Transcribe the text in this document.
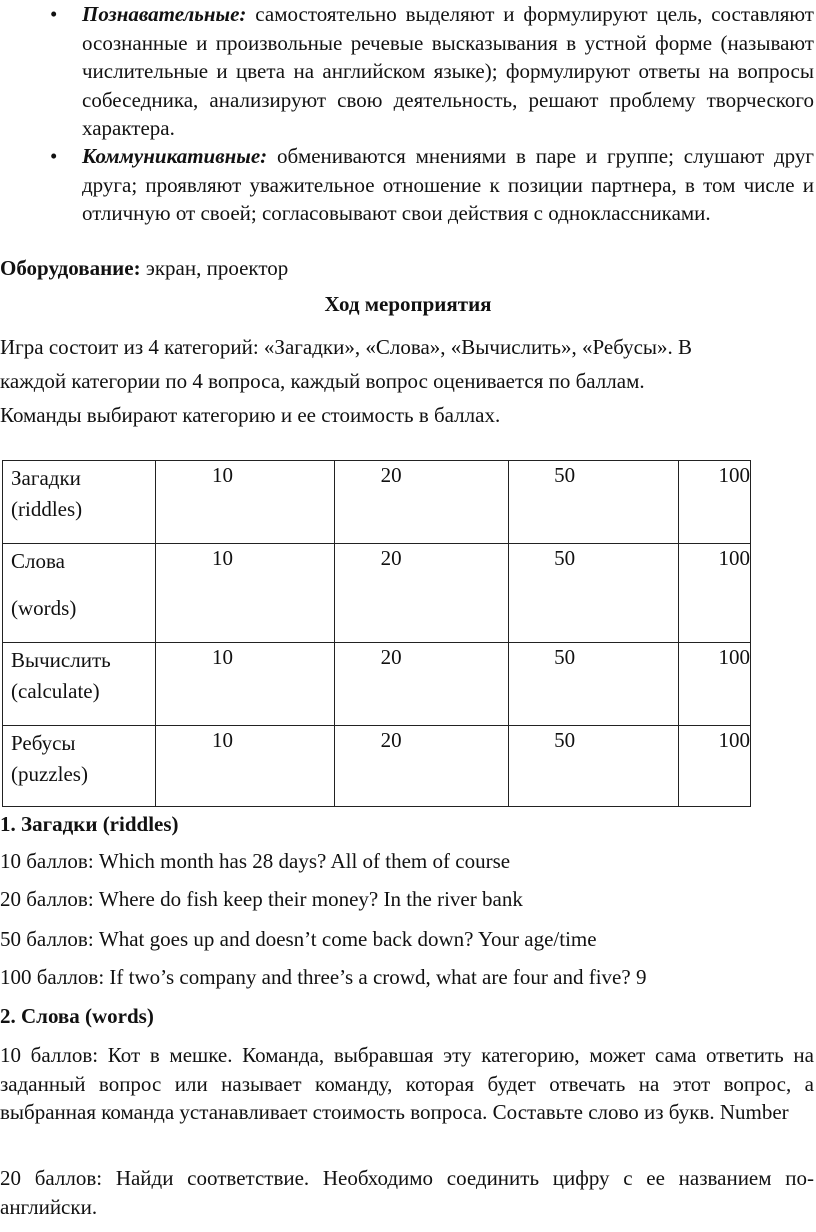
• Познавательные: самостоятельно выделяют и формулируют цель, составляют осознанные и произвольные речевые высказывания в устной форме (называют числительные и цвета на английском языке); формулируют ответы на вопросы собеседника, анализируют свою деятельность, решают проблему творческого характера.
• Коммуникативные: обмениваются мнениями в паре и группе; слушают друг друга; проявляют уважительное отношение к позиции партнера, в том числе и отличную от своей; согласовывают свои действия с одноклассниками.
Оборудование: экран, проектор
Ход мероприятия
Игра состоит из 4 категорий: «Загадки», «Слова», «Вычислить», «Ребусы». В
каждой категории по 4 вопроса, каждый вопрос оценивается по баллам.
Команды выбирают категорию и ее стоимость в баллах.
Загадки
(riddles)	10	20	50	100

Слова
(words)	10	20	50	100

Вычислить
(calculate)	10	20	50	100

Ребусы
(puzzles)	10	20	50	100
1. Загадки (riddles)
10 баллов: Which month has 28 days? All of them of course
20 баллов: Where do fish keep their money? In the river bank
50 баллов: What goes up and doesn’t come back down? Your age/time
100 баллов: If two’s company and three’s a crowd, what are four and five? 9
2. Слова (words)
10 баллов: Кот в мешке. Команда, выбравшая эту категорию, может сама ответить на заданный вопрос или называет команду, которая будет отвечать на этот вопрос, а выбранная команда устанавливает стоимость вопроса. Составьте слово из букв. Number
20 баллов: Найди соответствие. Необходимо соединить цифру с ее названием по-английски.
